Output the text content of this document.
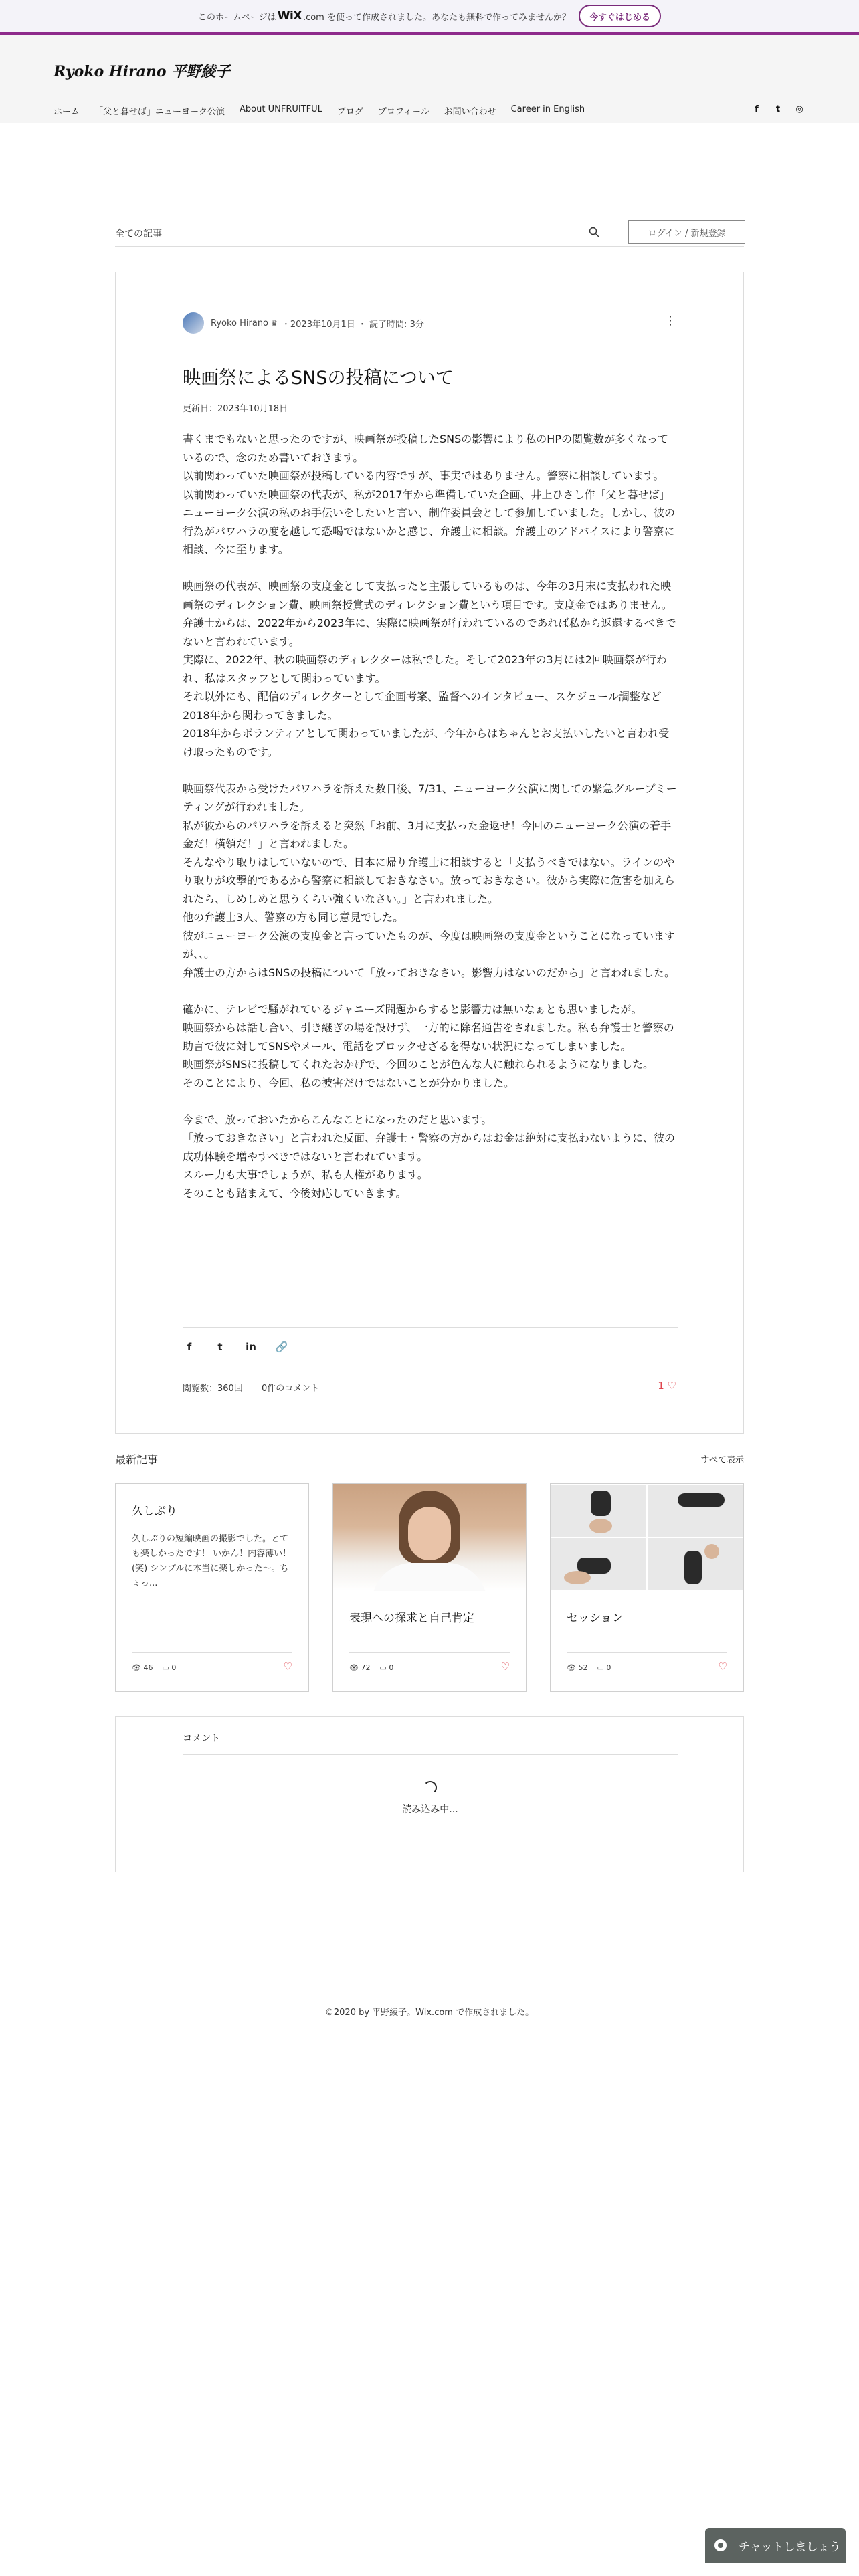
このホームページは WiX .com を使って作成されました。あなたも無料で作ってみませんか？	今すぐはじめる
Ryoko Hirano 平野綾子
ホーム 「父と暮せば」ニューヨーク公演 About UNFRUITFUL ブログ プロフィール お問い合わせ Career in English	f	t	◎
全ての記事	ログイン / 新規登録
Ryoko Hirano ♛ ・2023年10月1日 ・ 読了時間: 3分	⋮
映画祭によるSNSの投稿について
更新日：2023年10月18日

書くまでもないと思ったのですが、映画祭が投稿したSNSの影響により私のHPの閲覧数が多くなっているので、念のため書いておきます。

以前関わっていた映画祭が投稿している内容ですが、事実ではありません。警察に相談しています。

以前関わっていた映画祭の代表が、私が2017年から準備していた企画、井上ひさし作「父と暮せば」ニューヨーク公演の私のお手伝いをしたいと言い、制作委員会として参加していました。しかし、彼の行為がパワハラの度を越して恐喝ではないかと感じ、弁護士に相談。弁護士のアドバイスにより警察に相談、今に至ります。

映画祭の代表が、映画祭の支度金として支払ったと主張しているものは、今年の3月末に支払われた映画祭のディレクション費、映画祭授賞式のディレクション費という項目です。支度金ではありません。

弁護士からは、2022年から2023年に、実際に映画祭が行われているのであれば私から返還するべきでないと言われています。

実際に、2022年、秋の映画祭のディレクターは私でした。そして2023年の3月には2回映画祭が行われ、私はスタッフとして関わっています。

それ以外にも、配信のディレクターとして企画考案、監督へのインタビュー、スケジュール調整など2018年から関わってきました。

2018年からボランティアとして関わっていましたが、今年からはちゃんとお支払いしたいと言われ受け取ったものです。

映画祭代表から受けたパワハラを訴えた数日後、7/31、ニューヨーク公演に関しての緊急グループミーティングが行われました。

私が彼からのパワハラを訴えると突然「お前、3月に支払った金返せ！今回のニューヨーク公演の着手金だ！横領だ！」と言われました。

そんなやり取りはしていないので、日本に帰り弁護士に相談すると「支払うべきではない。ラインのやり取りが攻撃的であるから警察に相談しておきなさい。放っておきなさい。彼から実際に危害を加えられたら、しめしめと思うくらい強くいなさい。」と言われました。

他の弁護士3人、警察の方も同じ意見でした。

彼がニューヨーク公演の支度金と言っていたものが、今度は映画祭の支度金ということになっていますが、、。

弁護士の方からはSNSの投稿について「放っておきなさい。影響力はないのだから」と言われました。

確かに、テレビで騒がれているジャニーズ問題からすると影響力は無いなぁとも思いましたが。

映画祭からは話し合い、引き継ぎの場を設けず、一方的に除名通告をされました。私も弁護士と警察の助言で彼に対してSNSやメール、電話をブロックせざるを得ない状況になってしまいました。

映画祭がSNSに投稿してくれたおかげで、今回のことが色んな人に触れられるようになりました。

そのことにより、今回、私の被害だけではないことが分かりました。

今まで、放っておいたからこんなことになったのだと思います。

「放っておきなさい」と言われた反面、弁護士・警察の方からはお金は絶対に支払わないように、彼の成功体験を増やすべきではないと言われています。

スルー力も大事でしょうが、私も人権があります。

そのことも踏まえて、今後対応していきます。

f	t	in 🔗
閲覧数：360回 0件のコメント	1 ♡
最新記事	すべて表示
久しぶり
久しぶりの短編映画の撮影でした。とても楽しかったです！ いかん！内容薄い！(笑) シンプルに本当に楽しかった〜。ちょっ...
👁 46 ▭ 0	♡
表現への探求と自己肯定
👁 72 ▭ 0	♡
セッション
👁 52 ▭ 0	♡
コメント
読み込み中...
©2020 by 平野綾子。Wix.com で作成されました。
チャットしましょう
